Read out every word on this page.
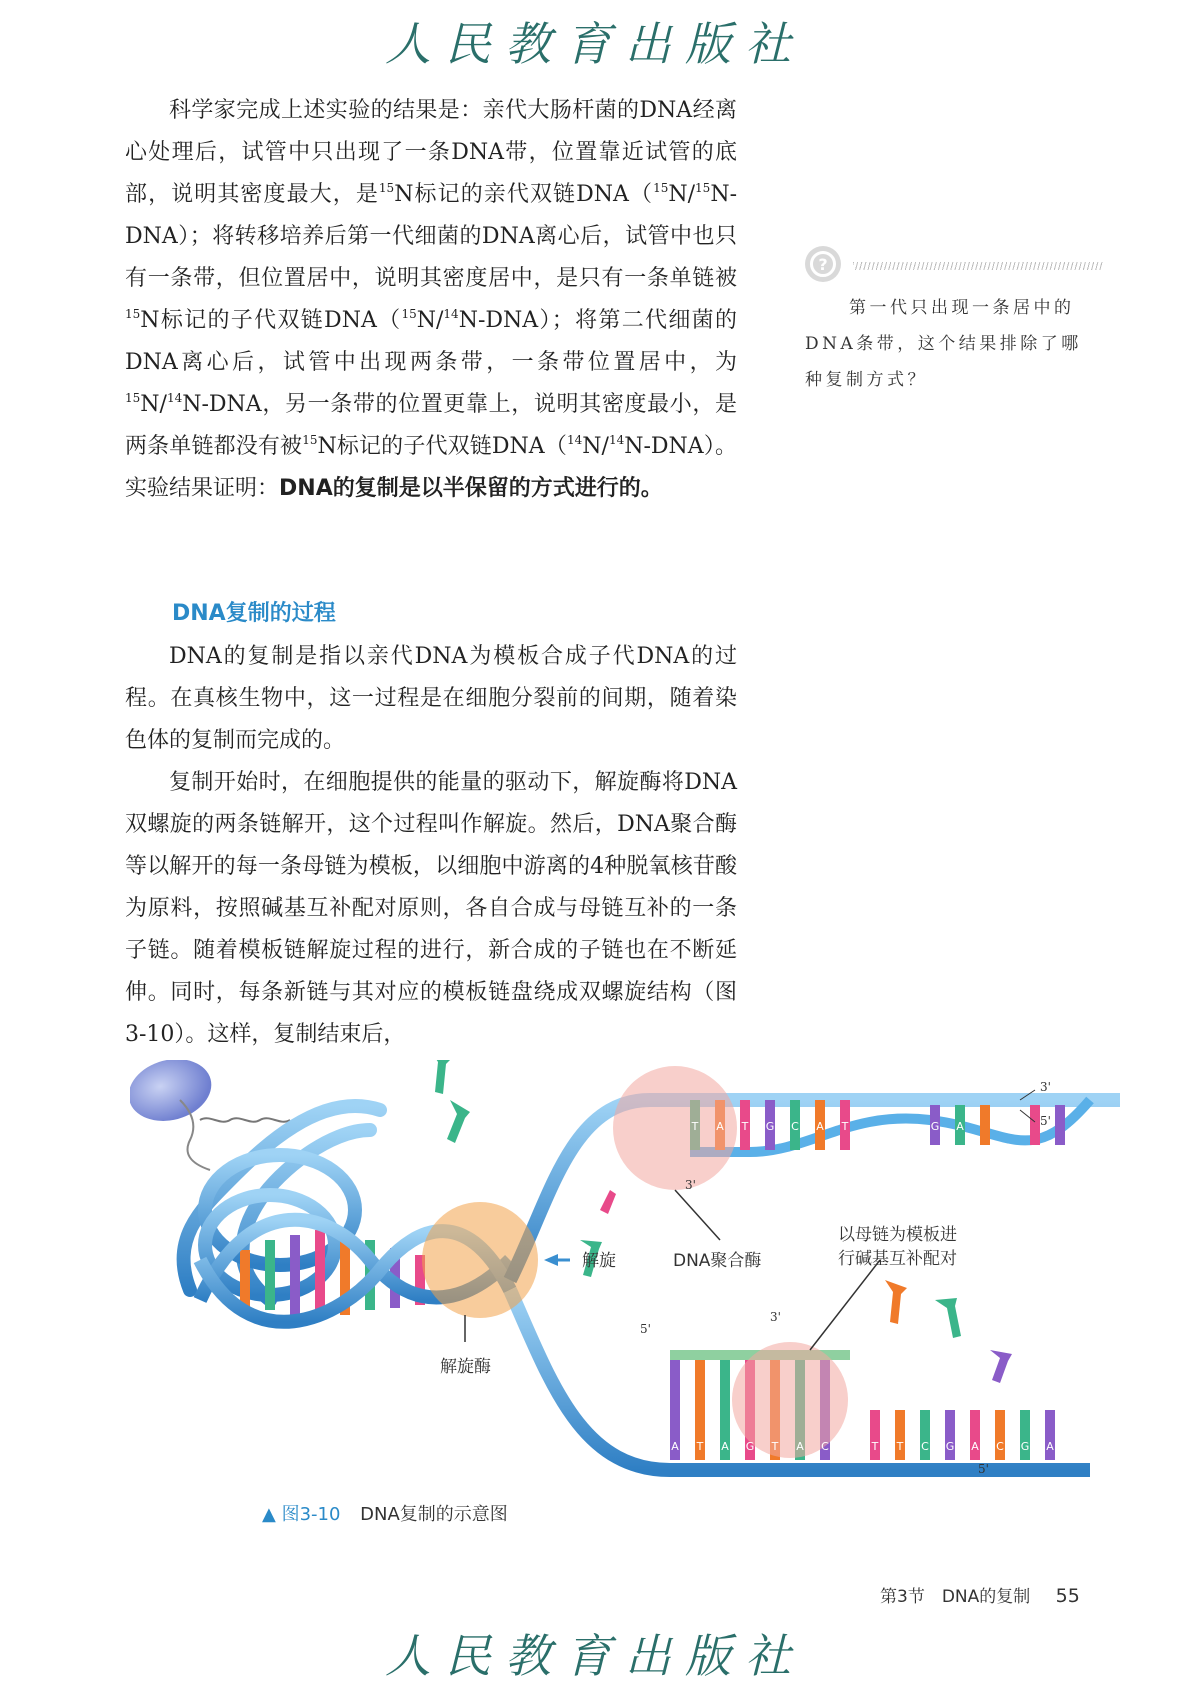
人民教育出版社

科学家完成上述实验的结果是：亲代大肠杆菌的DNA经离心处理后，试管中只出现了一条DNA带，位置靠近试管的底部，说明其密度最大，是$^{15}$N标记的亲代双链DNA（$^{15}$N/$^{15}$N-DNA）；将转移培养后第一代细菌的DNA离心后，试管中也只有一条带，但位置居中，说明其密度居中，是只有一条单链被$^{15}$N标记的子代双链DNA（$^{15}$N/$^{14}$N-DNA）；将第二代细菌的DNA离心后，试管中出现两条带，一条带位置居中，为$^{15}$N/$^{14}$N-DNA，另一条带的位置更靠上，说明其密度最小，是两条单链都没有被$^{15}$N标记的子代双链DNA（$^{14}$N/$^{14}$N-DNA）。实验结果证明：DNA的复制是以半保留的方式进行的。

?

第一代只出现一条居中的DNA条带，这个结果排除了哪种复制方式？

DNA复制的过程

DNA的复制是指以亲代DNA为模板合成子代DNA的过程。在真核生物中，这一过程是在细胞分裂前的间期，随着染色体的复制而完成的。

复制开始时，在细胞提供的能量的驱动下，解旋酶将DNA双螺旋的两条链解开，这个过程叫作解旋。然后，DNA聚合酶等以解开的每一条母链为模板，以细胞中游离的4种脱氧核苷酸为原料，按照碱基互补配对原则，各自合成与母链互补的一条子链。随着模板链解旋过程的进行，新合成的子链也在不断延伸。同时，每条新链与其对应的模板链盘绕成双螺旋结构（图3-10）。这样，复制结束后，

T A T G C A T	G A
A T A G T A C	T T C G A C G A
解旋
解旋酶
DNA聚合酶
以母链为模板进
行碱基互补配对
3'
5'
3'
5'
3'
5'
▲ 图3-10 DNA复制的示意图
第3节　DNA的复制 55
人民教育出版社
